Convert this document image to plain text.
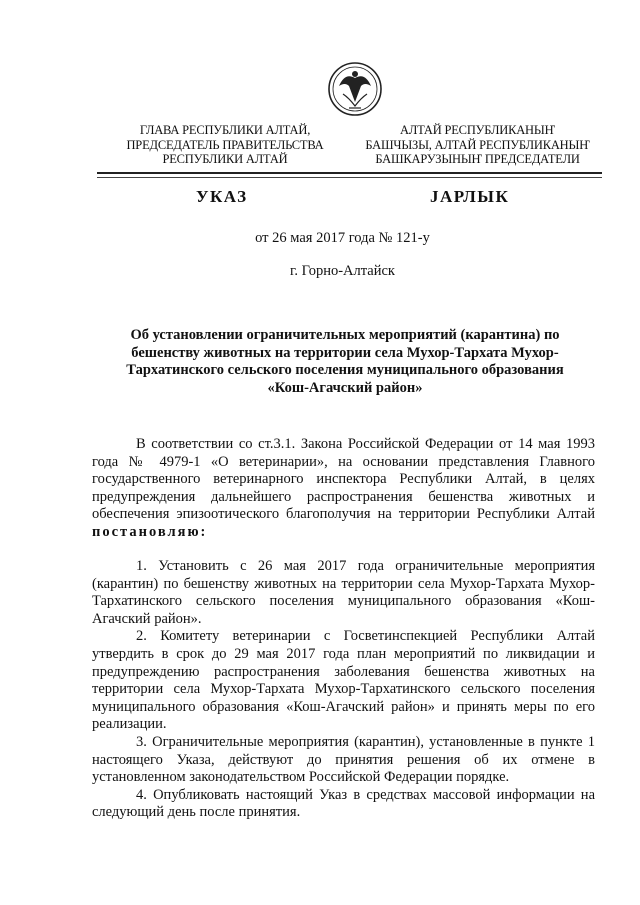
ГЛАВА РЕСПУБЛИКИ АЛТАЙ,
ПРЕДСЕДАТЕЛЬ ПРАВИТЕЛЬСТВА
РЕСПУБЛИКИ АЛТАЙ
АЛТАЙ РЕСПУБЛИКАНЫҤ
БАШЧЫЗЫ, АЛТАЙ РЕСПУБЛИКАНЫҤ
БАШКАРУЗЫНЫҤ ПРЕДСЕДАТЕЛИ
УКАЗ	JАРЛЫК
от 26 мая 2017 года № 121-у
г. Горно-Алтайск
Об установлении ограничительных мероприятий (карантина) по бешенству животных на территории села Мухор-Тархата Мухор-Тархатинского сельского поселения муниципального образования «Кош-Агачский район»

В соответствии со ст.3.1. Закона Российской Федерации от 14 мая 1993 года № 4979-1 «О ветеринарии», на основании представления Главного государственного ветеринарного инспектора Республики Алтай, в целях предупреждения дальнейшего распространения бешенства животных и обеспечения эпизоотического благополучия на территории Республики Алтай постановляю:

1. Установить с 26 мая 2017 года ограничительные мероприятия (карантин) по бешенству животных на территории села Мухор-Тархата Мухор-Тархатинского сельского поселения муниципального образования «Кош-Агачский район».

2. Комитету ветеринарии с Госветинспекцией Республики Алтай утвердить в срок до 29 мая 2017 года план мероприятий по ликвидации и предупреждению распространения заболевания бешенства животных на территории села Мухор-Тархата Мухор-Тархатинского сельского поселения муниципального образования «Кош-Агачский район» и принять меры по его реализации.

3. Ограничительные мероприятия (карантин), установленные в пункте 1 настоящего Указа, действуют до принятия решения об их отмене в установленном законодательством Российской Федерации порядке.

4. Опубликовать настоящий Указ в средствах массовой информации на следующий день после принятия.
